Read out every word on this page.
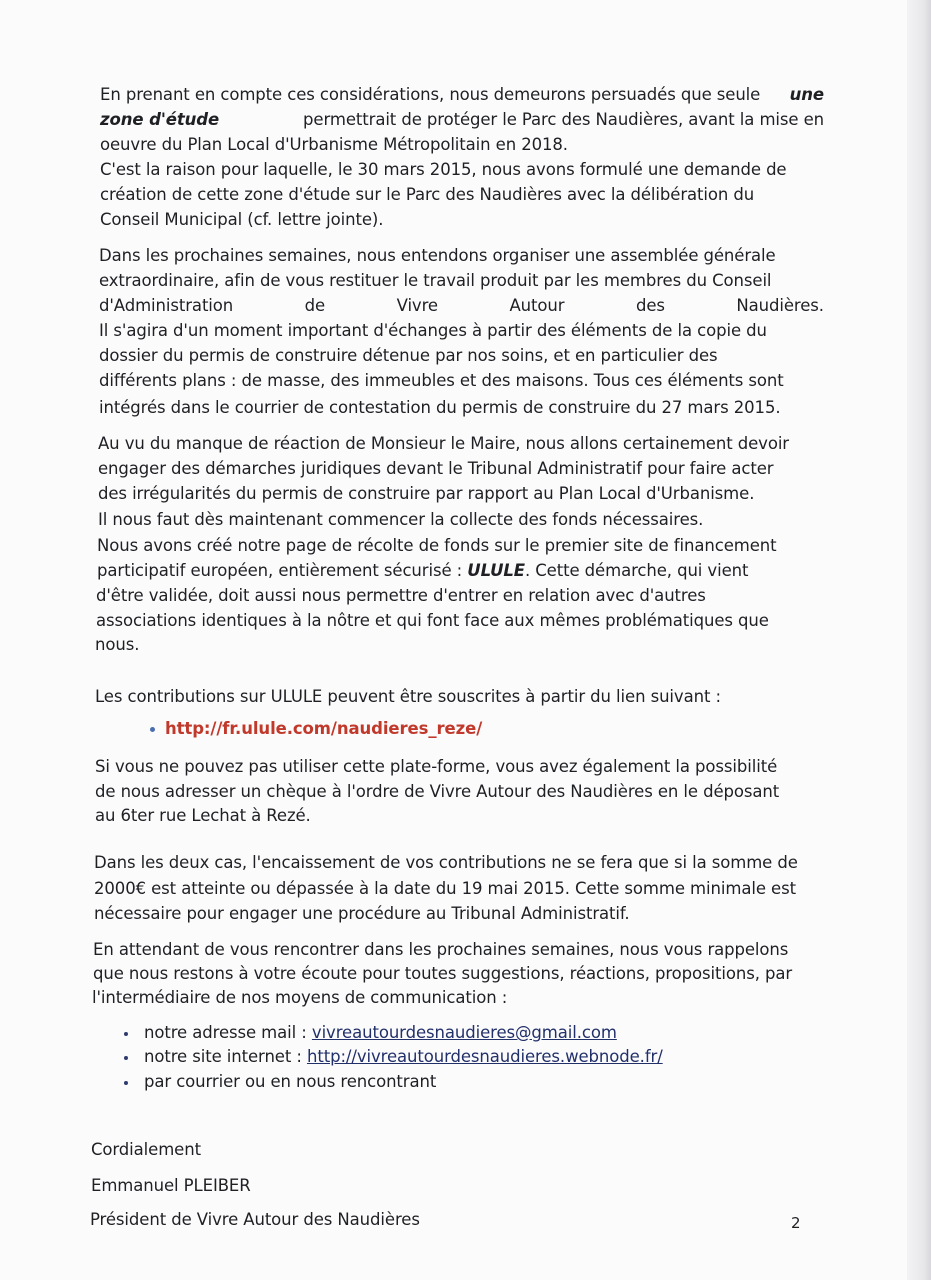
En prenant en compte ces considérations, nous demeurons persuadés que seule une
zone d'étude	permettrait de protéger le Parc des Naudières, avant la mise en
oeuvre du Plan Local d'Urbanisme Métropolitain en 2018.
C'est la raison pour laquelle, le 30 mars 2015, nous avons formulé une demande de
création de cette zone d'étude sur le Parc des Naudières avec la délibération du
Conseil Municipal (cf. lettre jointe).
Dans les prochaines semaines, nous entendons organiser une assemblée générale
extraordinaire, afin de vous restituer le travail produit par les membres du Conseil
d'Administration	de	Vivre	Autour	des	Naudières.
Il s'agira d'un moment important d'échanges à partir des éléments de la copie du
dossier du permis de construire détenue par nos soins, et en particulier des
différents plans : de masse, des immeubles et des maisons. Tous ces éléments sont
intégrés dans le courrier de contestation du permis de construire du 27 mars 2015.
Au vu du manque de réaction de Monsieur le Maire, nous allons certainement devoir
engager des démarches juridiques devant le Tribunal Administratif pour faire acter
des irrégularités du permis de construire par rapport au Plan Local d'Urbanisme.
Il nous faut dès maintenant commencer la collecte des fonds nécessaires.
Nous avons créé notre page de récolte de fonds sur le premier site de financement
participatif européen, entièrement sécurisé : ULULE. Cette démarche, qui vient
d'être validée, doit aussi nous permettre d'entrer en relation avec d'autres
associations identiques à la nôtre et qui font face aux mêmes problématiques que
nous.
Les contributions sur ULULE peuvent être souscrites à partir du lien suivant :
http://fr.ulule.com/naudieres_reze/
Si vous ne pouvez pas utiliser cette plate-forme, vous avez également la possibilité
de nous adresser un chèque à l'ordre de Vivre Autour des Naudières en le déposant
au 6ter rue Lechat à Rezé.
Dans les deux cas, l'encaissement de vos contributions ne se fera que si la somme de
2000€ est atteinte ou dépassée à la date du 19 mai 2015. Cette somme minimale est
nécessaire pour engager une procédure au Tribunal Administratif.
En attendant de vous rencontrer dans les prochaines semaines, nous vous rappelons
que nous restons à votre écoute pour toutes suggestions, réactions, propositions, par
l'intermédiaire de nos moyens de communication :
notre adresse mail : vivreautourdesnaudieres@gmail.com
notre site internet : http://vivreautourdesnaudieres.webnode.fr/
par courrier ou en nous rencontrant
Cordialement
Emmanuel PLEIBER
Président de Vivre Autour des Naudières	2
